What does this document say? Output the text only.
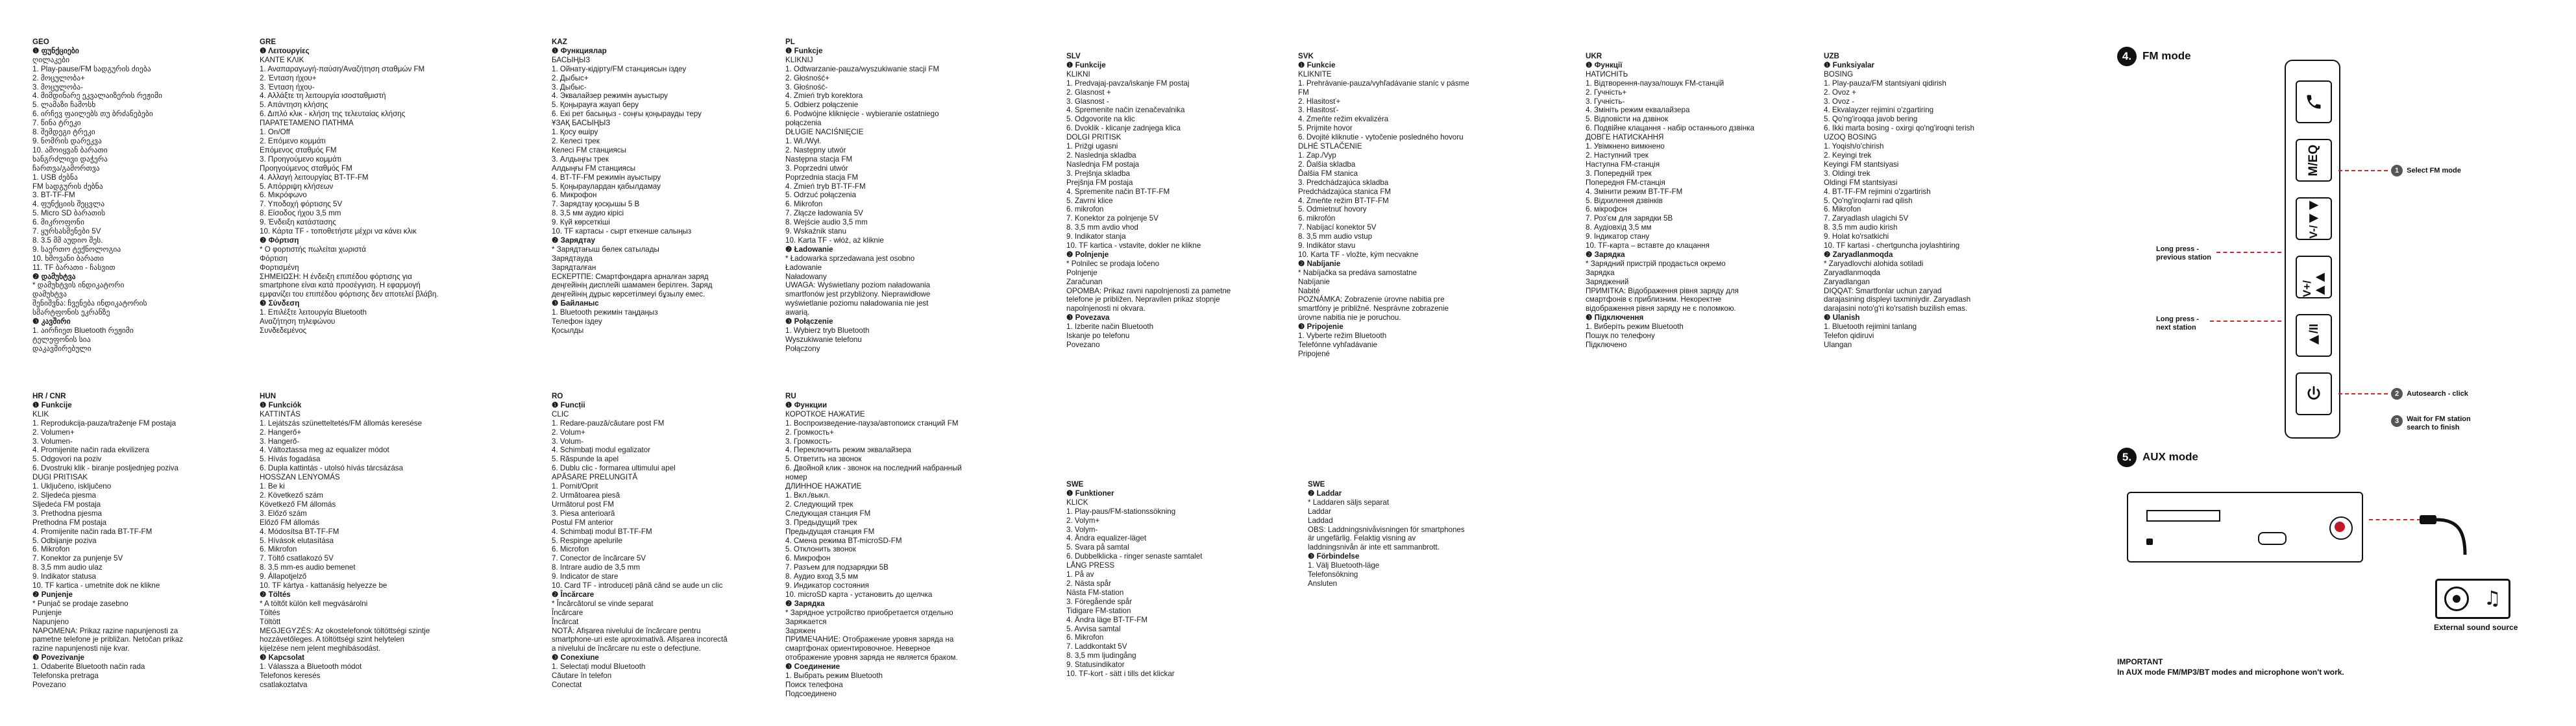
GEO
❶ ფუნქციები
ღილაკები
1. Play-pause/FM სადგურის ძიება
2. მოცულობა+
3. მოცულობა-
4. მიმდინარე ეკვალაიზერის რეჟიმი
5. ლამაზი ჩამოსხ
6. ირჩევ ფაილებს თუ ბრძანებები
7. წინა ტრეკი
8. შემდეგი ტრეკი
9. ნომრის დარეკვა
10. ამოიყვან ბარათი
ხანგრძლივი დაჭერა
ჩართვა/გამორთვა
1. USB ძებნა
FM სადგურის ძებნა
3. BT-TF-FM
4. ფუნქციის შეცვლა
5. Micro SD ბარათის
6. მიკროფონი
7. ყურსასმენები 5V
8. 3.5 მმ აუდიო შეს.
9. საერთო ტექნოლოგია
10. ხმოვანი ბარათი
11. TF ბარათი - ჩასვით
❷ დამუხტვა
* დამუხტვის ინდიკატორი
დამუხტვა
შენიშვნა: ჩვენება ინდიკატორის
სმარტფონის ეკრანზე
❸ კავშირი
1. აირჩიეთ Bluetooth რეჟიმი
ტელეფონის სია
დაკავშირებული
GRE
❶ Λειτουργίες
ΚΑΝΤΕ ΚΛΙΚ
1. Αναπαραγωγή-παύση/Αναζήτηση σταθμών FM
2. Ένταση ήχου+
3. Ένταση ήχου-
4. Αλλάξτε τη λειτουργία ισοσταθμιστή
5. Απάντηση κλήσης
6. Διπλό κλικ - κλήση της τελευταίας κλήσης
ΠΑΡΑΤΕΤΑΜΕΝΟ ΠΑΤΗΜΑ
1. On/Off
2. Επόμενο κομμάτι
Επόμενος σταθμός FM
3. Προηγούμενο κομμάτι
Προηγούμενος σταθμός FM
4. Αλλαγή λειτουργίας BT-TF-FM
5. Απόρριψη κλήσεων
6. Μικρόφωνο
7. Υποδοχή φόρτισης 5V
8. Είσοδος ήχου 3,5 mm
9. Ένδειξη κατάστασης
10. Κάρτα TF - τοποθετήστε μέχρι να κάνει κλικ
❷ Φόρτιση
* Ο φορτιστής πωλείται χωριστά
Φόρτιση
Φορτισμένη
ΣΗΜΕΙΩΣΗ: Η ένδειξη επιπέδου φόρτισης για
smartphone είναι κατά προσέγγιση. Η εφαρμογή
εμφανίζει του επιπέδου φόρτισης δεν αποτελεί βλάβη.
❸ Σύνδεση
1. Επιλέξτε λειτουργία Bluetooth
Αναζήτηση τηλεφώνου
Συνδεδεμένος
KAZ
❶ Функциялар
БАСЫҢЫЗ
1. Ойнату-кідірту/FM станциясын іздеу
2. Дыбыс+
3. Дыбыс-
4. Эквалайзер режимін ауыстыру
5. Қоңырауға жауап беру
6. Екі рет басыңыз - соңғы қоңырауды теру
ҰЗАҚ БАСЫҢЫЗ
1. Қосу өшіру
2. Келесі трек
Келесі FM станциясы
3. Алдыңғы трек
Алдыңғы FM станциясы
4. BT-TF-FM режимін ауыстыру
5. Қоңыраулардан қабылдамау
6. Микрофон
7. Зарядтау қосқышы 5 В
8. 3,5 мм аудио кірісі
9. Күй көрсеткіші
10. TF картасы - сырт еткенше салыңыз
❷ Зарядтау
* Зарядтағыш бөлек сатылады
Зарядтауда
Зарядталған
ЕСКЕРТПЕ: Смартфондарға арналған заряд
деңгейінің дисплейі шамамен берілген. Заряд
деңгейінің дұрыс көрсетілмеуі бұзылу емес.
❸ Байланыс
1. Bluetooth режимін таңдаңыз
Телефон іздеу
Қосылды
PL
❶ Funkcje
KLIKNIJ
1. Odtwarzanie-pauza/wyszukiwanie stacji FM
2. Głośność+
3. Głośność-
4. Zmień tryb korektora
5. Odbierz połączenie
6. Podwójne kliknięcie - wybieranie ostatniego
połączenia
DŁUGIE NACIŚNIĘCIE
1. Wł./Wył.
2. Następny utwór
Następna stacja FM
3. Poprzedni utwór
Poprzednia stacja FM
4. Zmień tryb BT-TF-FM
5. Odrzuć połączenia
6. Mikrofon
7. Złącze ładowania 5V
8. Wejście audio 3,5 mm
9. Wskaźnik stanu
10. Karta TF - włóż, aż kliknie
❷ Ładowanie
* Ładowarka sprzedawana jest osobno
Ładowanie
Naładowany
UWAGA: Wyświetlany poziom naładowania
smartfonów jest przybliżony. Nieprawidłowe
wyświetlanie poziomu naładowania nie jest
awarią.
❸ Połączenie
1. Wybierz tryb Bluetooth
Wyszukiwanie telefonu
Połączony
SLV
❶ Funkcije
KLIKNI
1. Predvajaj-pavza/iskanje FM postaj
2. Glasnost +
3. Glasnost -
4. Spremenite način izenačevalnika
5. Odgovorite na klic
6. Dvoklik - klicanje zadnjega klica
DOLGI PRITISK
1. Prižgi ugasni
2. Naslednja skladba
Naslednja FM postaja
3. Prejšnja skladba
Prejšnja FM postaja
4. Spremenite način BT-TF-FM
5. Zavrni klice
6. mikrofon
7. Konektor za polnjenje 5V
8. 3,5 mm avdio vhod
9. Indikator stanja
10. TF kartica - vstavite, dokler ne klikne
❷ Polnjenje
* Polnilec se prodaja ločeno
Polnjenje
Zaračunan
OPOMBA: Prikaz ravni napolnjenosti za pametne
telefone je približen. Nepravilen prikaz stopnje
napolnjenosti ni okvara.
❸ Povezava
1. Izberite način Bluetooth
Iskanje po telefonu
Povezano
SVK
❶ Funkcie
KLIKNITE
1. Prehrávanie-pauza/vyhľadávanie staníc v pásme
FM
2. Hlasitosť+
3. Hlasitosť-
4. Zmeňte režim ekvalizéra
5. Prijmite hovor
6. Dvojité kliknutie - vytočenie posledného hovoru
DLHÉ STLAČENIE
1. Zap./Vyp
2. Ďalšia skladba
Ďalšia FM stanica
3. Predchádzajúca skladba
Predchádzajúca stanica FM
4. Zmeňte režim BT-TF-FM
5. Odmietnuť hovory
6. mikrofón
7. Nabíjací konektor 5V
8. 3,5 mm audio vstup
9. Indikátor stavu
10. Karta TF - vložte, kým necvakne
❷ Nabíjanie
* Nabíjačka sa predáva samostatne
Nabíjanie
Nabité
POZNÁMKA: Zobrazenie úrovne nabitia pre
smartfóny je približné. Nesprávne zobrazenie
úrovne nabitia nie je poruchou.
❸ Pripojenie
1. Vyberte režim Bluetooth
Telefónne vyhľadávanie
Pripojené
UKR
❶ Функції
НАТИСНІТЬ
1. Відтворення-пауза/пошук FM-станцій
2. Гучність+
3. Гучність-
4. Змініть режим еквалайзера
5. Відповісти на дзвінок
6. Подвійне клацання - набір останнього дзвінка
ДОВГЕ НАТИСКАННЯ
1. Увімкнено вимкнено
2. Наступний трек
Наступна FM-станція
3. Попередній трек
Попередня FM-станція
4. Змінити режим BT-TF-FM
5. Відхилення дзвінків
6. мікрофон
7. Роз'єм для зарядки 5В
8. Аудіовхід 3,5 мм
9. Індикатор стану
10. TF-карта – вставте до клацання
❷ Зарядка
* Зарядний пристрій продається окремо
Зарядка
Заряджений
ПРИМІТКА: Відображення рівня заряду для
смартфонів є приблизним. Некоректне
відображення рівня заряду не є поломкою.
❸ Підключення
1. Виберіть режим Bluetooth
Пошук по телефону
Підключено
UZB
❶ Funksiyalar
BOSING
1. Play-pauza/FM stantsiyani qidirish
2. Ovoz +
3. Ovoz -
4. Ekvalayzer rejimini o'zgartiring
5. Qo'ng'iroqqa javob bering
6. Ikki marta bosing - oxirgi qo'ng'iroqni terish
UZOQ BOSING
1. Yoqish/o'chirish
2. Keyingi trek
Keyingi FM stantsiyasi
3. Oldingi trek
Oldingi FM stantsiyasi
4. BT-TF-FM rejimini o'zgartirish
5. Qo'ng'iroqlarni rad qilish
6. Mikrofon
7. Zaryadlash ulagichi 5V
8. 3,5 mm audio kirish
9. Holat ko'rsatkichi
10. TF kartasi - chertguncha joylashtiring
❷ Zaryadlanmoqda
* Zaryadlovchi alohida sotiladi
Zaryadlanmoqda
Zaryadlangan
DIQQAT: Smartfonlar uchun zaryad
darajasining displeyi taxminiydir. Zaryadlash
darajasini noto'g'ri ko'rsatish buzilish emas.
❸ Ulanish
1. Bluetooth rejimini tanlang
Telefon qidiruvi
Ulangan
HR / CNR
❶ Funkcije
KLIK
1. Reprodukcija-pauza/traženje FM postaja
2. Volumen+
3. Volumen-
4. Promijenite način rada ekvilizera
5. Odgovori na poziv
6. Dvostruki klik - biranje posljednjeg poziva
DUGI PRITISAK
1. Uključeno, isključeno
2. Sljedeća pjesma
Sljedeća FM postaja
3. Prethodna pjesma
Prethodna FM postaja
4. Promijenite način rada BT-TF-FM
5. Odbijanje poziva
6. Mikrofon
7. Konektor za punjenje 5V
8. 3,5 mm audio ulaz
9. Indikator statusa
10. TF kartica - umetnite dok ne klikne
❷ Punjenje
* Punjač se prodaje zasebno
Punjenje
Napunjeno
NAPOMENA: Prikaz razine napunjenosti za
pametne telefone je približan. Netočan prikaz
razine napunjenosti nije kvar.
❸ Povezivanje
1. Odaberite Bluetooth način rada
Telefonska pretraga
Povezano
HUN
❶ Funkciók
KATTINTÁS
1. Lejátszás szünetteltetés/FM állomás keresése
2. Hangerő+
3. Hangerő-
4. Változtassa meg az equalizer módot
5. Hívás fogadása
6. Dupla kattintás - utolsó hívás tárcsázása
HOSSZAN LENYOMÁS
1. Be ki
2. Következő szám
Következő FM állomás
3. Előző szám
Előző FM állomás
4. Módosítsa BT-TF-FM
5. Hívások elutasítása
6. Mikrofon
7. Töltő csatlakozó 5V
8. 3,5 mm-es audio bemenet
9. Állapotjelző
10. TF kártya - kattanásig helyezze be
❷ Töltés
* A töltőt külön kell megvásárolni
Töltés
Töltött
MEGJEGYZÉS: Az okostelefonok töltöttségi szintje
hozzávetőleges. A töltöttségi szint helytelen
kijelzése nem jelent meghibásodást.
❸ Kapcsolat
1. Válassza a Bluetooth módot
Telefonos keresés
csatlakoztatva
RO
❶ Funcții
CLIC
1. Redare-pauză/căutare post FM
2. Volum+
3. Volum-
4. Schimbați modul egalizator
5. Răspunde la apel
6. Dublu clic - formarea ultimului apel
APĂSARE PRELUNGITĂ
1. Pornit/Oprit
2. Următoarea piesă
Următorul post FM
3. Piesa anterioară
Postul FM anterior
4. Schimbați modul BT-TF-FM
5. Respinge apelurile
6. Microfon
7. Conector de încărcare 5V
8. Intrare audio de 3,5 mm
9. Indicator de stare
10. Card TF - introduceți până când se aude un clic
❷ Încărcare
* Încărcătorul se vinde separat
Încărcare
Încărcat
NOTĂ: Afișarea nivelului de încărcare pentru
smartphone-uri este aproximativă. Afișarea incorectă
a nivelului de încărcare nu este o defecțiune.
❸ Conexiune
1. Selectați modul Bluetooth
Căutare în telefon
Conectat
RU
❶ Функции
КОРОТКОЕ НАЖАТИЕ
1. Воспроизведение-пауза/автопоиск станций FM
2. Громкость+
3. Громкость-
4. Переключить режим эквалайзера
5. Ответить на звонок
6. Двойной клик - звонок на последний набранный
номер
ДЛИННОЕ НАЖАТИЕ
1. Вкл./выкл.
2. Следующий трек
Следующая станция FM
3. Предыдущий трек
Предыдущая станция FM
4. Смена режима BT-microSD-FM
5. Отклонить звонок
6. Микрофон
7. Разъем для подзарядки 5В
8. Аудио вход 3,5 мм
9. Индикатор состояния
10. microSD карта - установить до щелчка
❷ Зарядка
* Зарядное устройство приобретается отдельно
Заряжается
Заряжен
ПРИМЕЧАНИЕ: Отображение уровня заряда на
смартфонах ориентировочное. Неверное
отображение уровня заряда не является браком.
❸ Соединение
1. Выбрать режим Bluetooth
Поиск телефона
Подсоединено
SWE
❶ Funktioner
KLICK
1. Play-paus/FM-stationssökning
2. Volym+
3. Volym-
4. Ändra equalizer-läget
5. Svara på samtal
6. Dubbelklicka - ringer senaste samtalet
LÅNG PRESS
1. På av
2. Nästa spår
Nästa FM-station
3. Föregående spår
Tidigare FM-station
4. Ändra läge BT-TF-FM
5. Avvisa samtal
6. Mikrofon
7. Laddkontakt 5V
8. 3,5 mm ljudingång
9. Statusindikator
10. TF-kort - sätt i tills det klickar
SWE
❷ Laddar
* Laddaren säljs separat
Laddar
Laddad
OBS: Laddningsnivåvisningen för smartphones
är ungefärlig. Felaktig visning av
laddningsnivån är inte ett sammanbrott.
❸ Förbindelse
1. Välj Bluetooth-läge
Telefonsökning
Ansluten
4. FM mode
M/EQ
V-/◀◀
V+/▶▶
▶/II
1 Select FM mode
Long press -
previous station
Long press -
next station
2 Autosearch - click
3 Wait for FM station
search to finish
5. AUX mode
♫
External sound source
IMPORTANT
In AUX mode FM/MP3/BT modes and microphone won't work.
